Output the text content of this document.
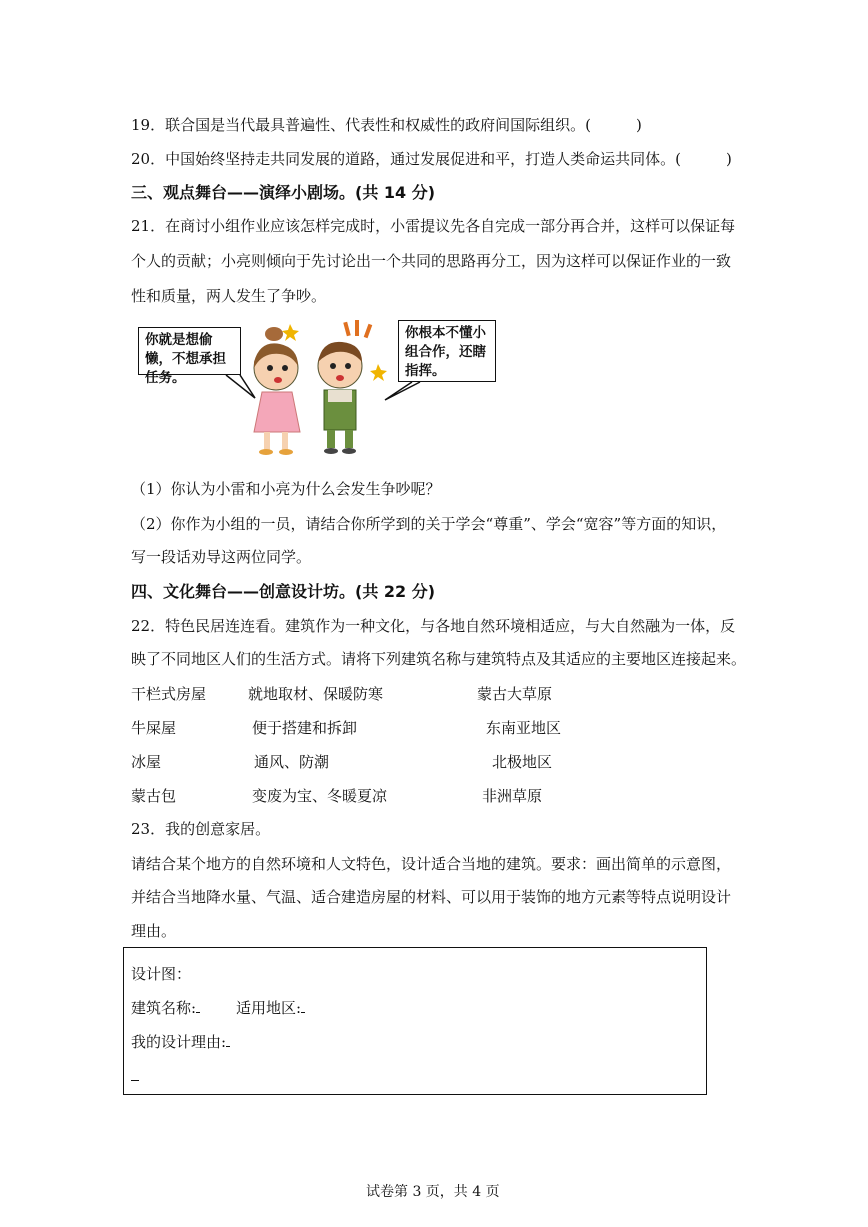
19．联合国是当代最具普遍性、代表性和权威性的政府间国际组织。(　　　)
20．中国始终坚持走共同发展的道路，通过发展促进和平，打造人类命运共同体。(　　　)
三、观点舞台——演绎小剧场。(共 14 分)
21．在商讨小组作业应该怎样完成时，小雷提议先各自完成一部分再合并，这样可以保证每
个人的贡献；小亮则倾向于先讨论出一个共同的思路再分工，因为这样可以保证作业的一致
性和质量，两人发生了争吵。
你就是想偷懒，不想承担任务。
你根本不懂小组合作，还瞎指挥。
（1）你认为小雷和小亮为什么会发生争吵呢？
（2）你作为小组的一员，请结合你所学到的关于学会“尊重”、学会“宽容”等方面的知识，
写一段话劝导这两位同学。
四、文化舞台——创意设计坊。(共 22 分)
22．特色民居连连看。建筑作为一种文化，与各地自然环境相适应，与大自然融为一体，反
映了不同地区人们的生活方式。请将下列建筑名称与建筑特点及其适应的主要地区连接起来。
干栏式房屋	就地取材、保暖防寒	蒙古大草原
牛屎屋	便于搭建和拆卸	东南亚地区
冰屋	通风、防潮	北极地区
蒙古包	变废为宝、冬暖夏凉	非洲草原
23．我的创意家居。
请结合某个地方的自然环境和人文特色，设计适合当地的建筑。要求：画出简单的示意图，
并结合当地降水量、气温、适合建造房屋的材料、可以用于装饰的地方元素等特点说明设计
理由。
设计图：
建筑名称:	适用地区:
我的设计理由:
试卷第 3 页，共 4 页
